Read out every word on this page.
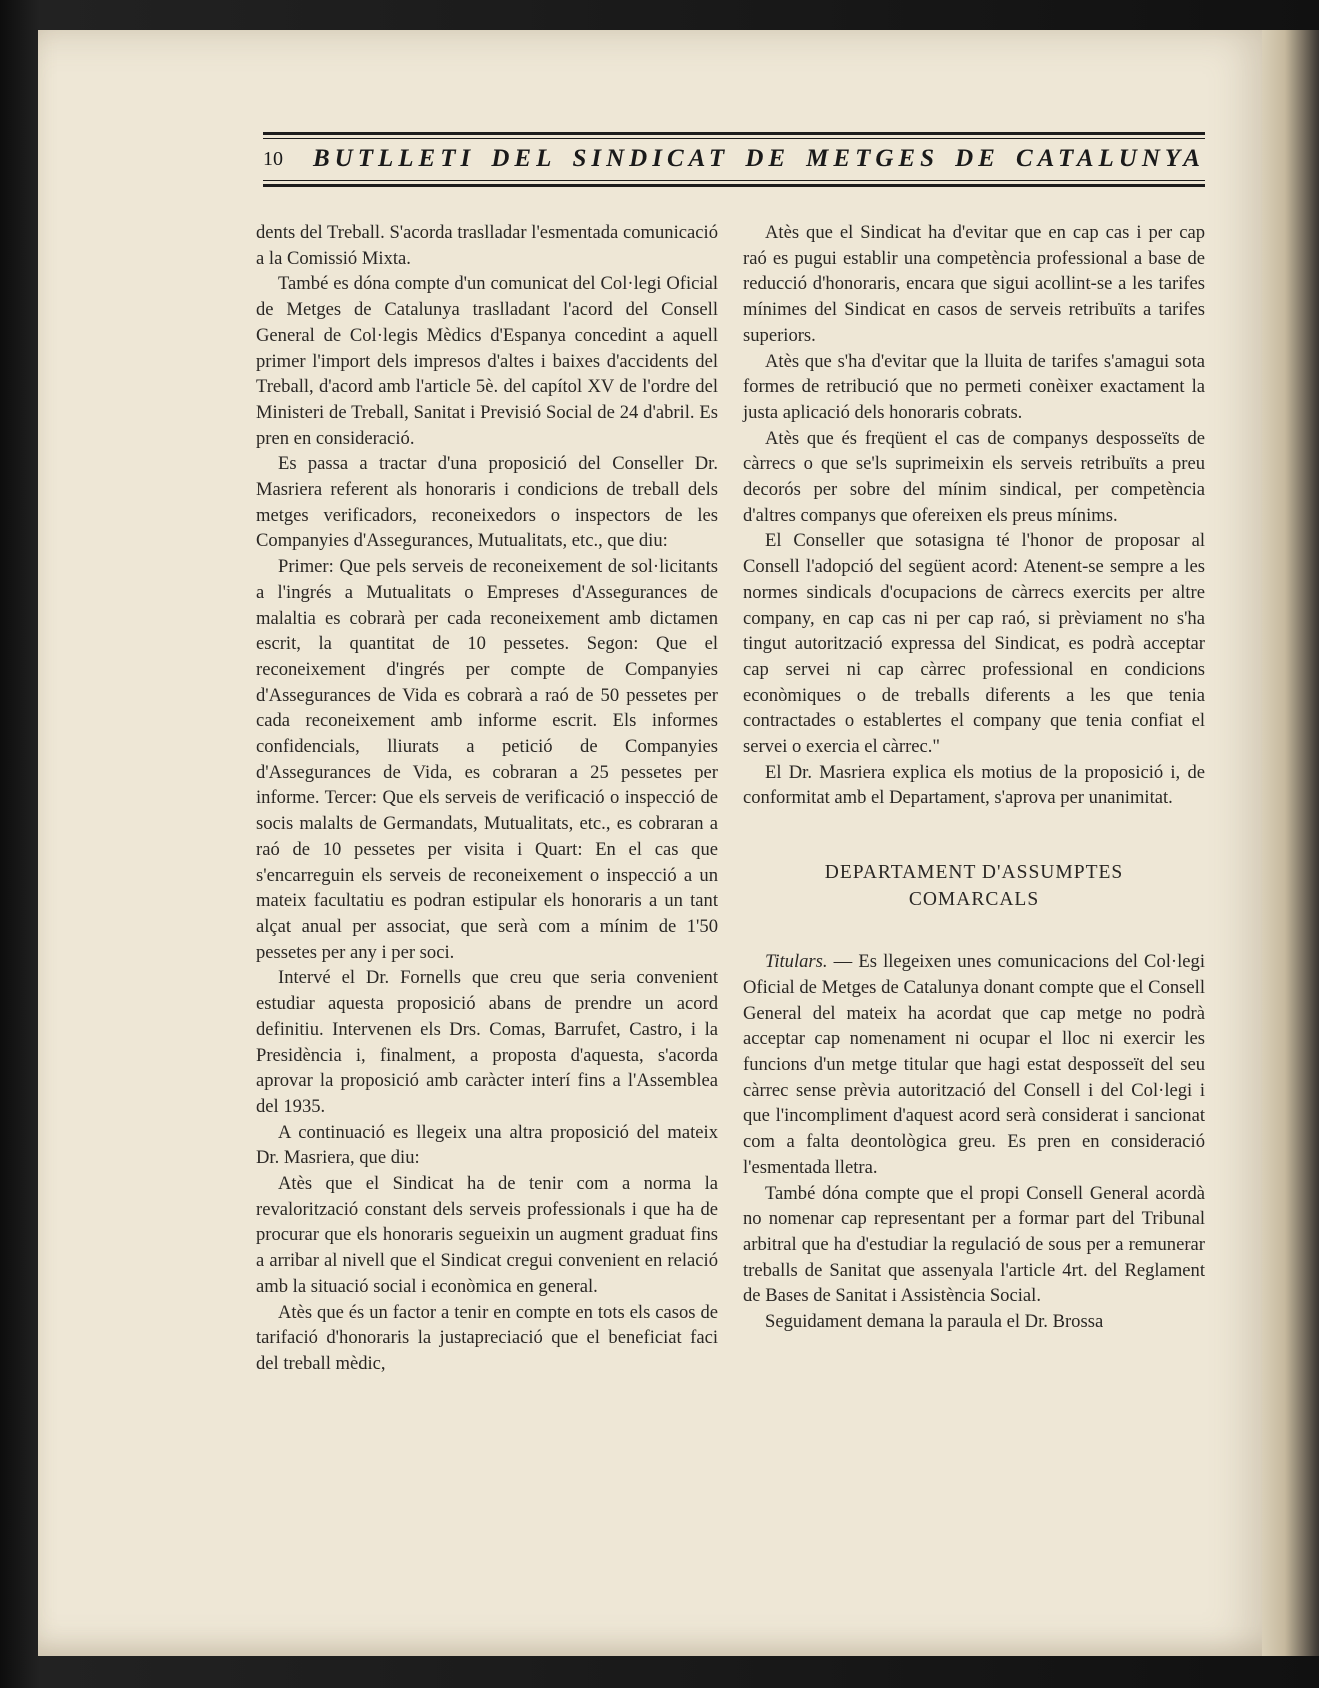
10	BUTLLETI DEL SINDICAT DE METGES DE CATALUNYA

dents del Treball. S'acorda traslladar l'esmentada comunicació a la Comissió Mixta.

També es dóna compte d'un comunicat del Col·legi Oficial de Metges de Catalunya traslladant l'acord del Consell General de Col·legis Mèdics d'Espanya concedint a aquell primer l'import dels impresos d'altes i baixes d'accidents del Treball, d'acord amb l'article 5è. del capítol XV de l'ordre del Ministeri de Treball, Sanitat i Previsió Social de 24 d'abril. Es pren en consideració.

Es passa a tractar d'una proposició del Conseller Dr. Masriera referent als honoraris i condicions de treball dels metges verificadors, reconeixedors o inspectors de les Companyies d'Assegurances, Mutualitats, etc., que diu:

Primer: Que pels serveis de reconeixement de sol·licitants a l'ingrés a Mutualitats o Empreses d'Assegurances de malaltia es cobrarà per cada reconeixement amb dictamen escrit, la quantitat de 10 pessetes. Segon: Que el reconeixement d'ingrés per compte de Companyies d'Assegurances de Vida es cobrarà a raó de 50 pessetes per cada reconeixement amb informe escrit. Els informes confidencials, lliurats a petició de Companyies d'Assegurances de Vida, es cobraran a 25 pessetes per informe. Tercer: Que els serveis de verificació o inspecció de socis malalts de Germandats, Mutualitats, etc., es cobraran a raó de 10 pessetes per visita i Quart: En el cas que s'encarreguin els serveis de reconeixement o inspecció a un mateix facultatiu es podran estipular els honoraris a un tant alçat anual per associat, que serà com a mínim de 1'50 pessetes per any i per soci.

Intervé el Dr. Fornells que creu que seria convenient estudiar aquesta proposició abans de prendre un acord definitiu. Intervenen els Drs. Comas, Barrufet, Castro, i la Presidència i, finalment, a proposta d'aquesta, s'acorda aprovar la proposició amb caràcter interí fins a l'Assemblea del 1935.

A continuació es llegeix una altra proposició del mateix Dr. Masriera, que diu:

Atès que el Sindicat ha de tenir com a norma la revalorització constant dels serveis professionals i que ha de procurar que els honoraris segueixin un augment graduat fins a arribar al nivell que el Sindicat cregui convenient en relació amb la situació social i econòmica en general.

Atès que és un factor a tenir en compte en tots els casos de tarifació d'honoraris la justapreciació que el beneficiat faci del treball mèdic,

Atès que el Sindicat ha d'evitar que en cap cas i per cap raó es pugui establir una competència professional a base de reducció d'honoraris, encara que sigui acollint-se a les tarifes mínimes del Sindicat en casos de serveis retribuïts a tarifes superiors.

Atès que s'ha d'evitar que la lluita de tarifes s'amagui sota formes de retribució que no permeti conèixer exactament la justa aplicació dels honoraris cobrats.

Atès que és freqüent el cas de companys desposseïts de càrrecs o que se'ls suprimeixin els serveis retribuïts a preu decorós per sobre del mínim sindical, per competència d'altres companys que ofereixen els preus mínims.

El Conseller que sotasigna té l'honor de proposar al Consell l'adopció del següent acord: Atenent-se sempre a les normes sindicals d'ocupacions de càrrecs exercits per altre company, en cap cas ni per cap raó, si prèviament no s'ha tingut autorització expressa del Sindicat, es podrà acceptar cap servei ni cap càrrec professional en condicions econòmiques o de treballs diferents a les que tenia contractades o establertes el company que tenia confiat el servei o exercia el càrrec."

El Dr. Masriera explica els motius de la proposició i, de conformitat amb el Departament, s'aprova per unanimitat.

DEPARTAMENT D'ASSUMPTES
COMARCALS

Titulars. — Es llegeixen unes comunicacions del Col·legi Oficial de Metges de Catalunya donant compte que el Consell General del mateix ha acordat que cap metge no podrà acceptar cap nomenament ni ocupar el lloc ni exercir les funcions d'un metge titular que hagi estat desposseït del seu càrrec sense prèvia autorització del Consell i del Col·legi i que l'incompliment d'aquest acord serà considerat i sancionat com a falta deontològica greu. Es pren en consideració l'esmentada lletra.

També dóna compte que el propi Consell General acordà no nomenar cap representant per a formar part del Tribunal arbitral que ha d'estudiar la regulació de sous per a remunerar treballs de Sanitat que assenyala l'article 4rt. del Reglament de Bases de Sanitat i Assistència Social.

Seguidament demana la paraula el Dr. Brossa
